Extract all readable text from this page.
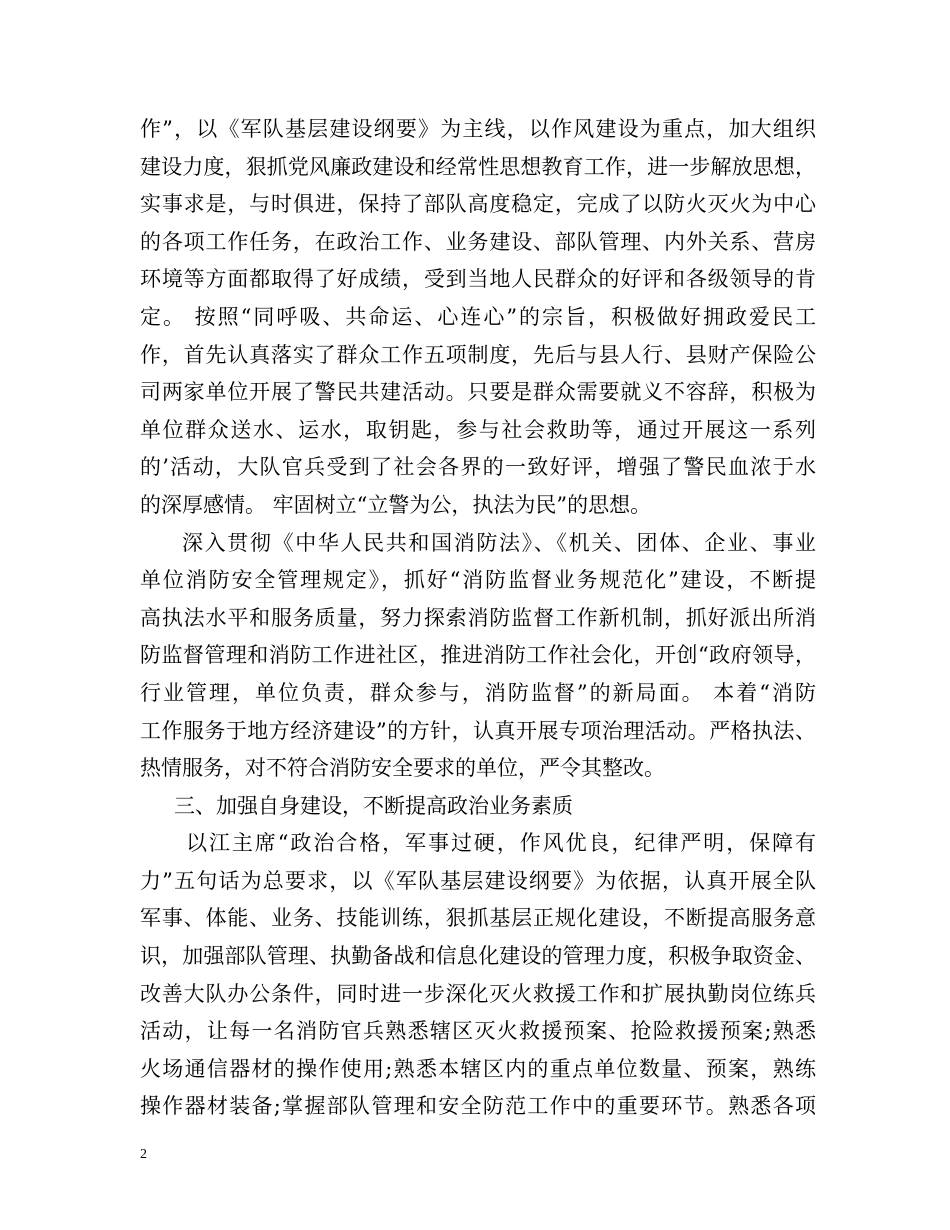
作”，以《军队基层建设纲要》为主线，以作风建设为重点，加大组织
建设力度，狠抓党风廉政建设和经常性思想教育工作，进一步解放思想，
实事求是，与时俱进，保持了部队高度稳定，完成了以防火灭火为中心
的各项工作任务，在政治工作、业务建设、部队管理、内外关系、营房
环境等方面都取得了好成绩，受到当地人民群众的好评和各级领导的肯
定。 按照“同呼吸、共命运、心连心”的宗旨，积极做好拥政爱民工
作，首先认真落实了群众工作五项制度，先后与县人行、县财产保险公
司两家单位开展了警民共建活动。只要是群众需要就义不容辞，积极为
单位群众送水、运水，取钥匙，参与社会救助等，通过开展这一系列
的’活动，大队官兵受到了社会各界的一致好评，增强了警民血浓于水
的深厚感情。 牢固树立“立警为公，执法为民”的思想。
深入贯彻《中华人民共和国消防法》、《机关、团体、企业、事业
单位消防安全管理规定》，抓好“消防监督业务规范化”建设，不断提
高执法水平和服务质量，努力探索消防监督工作新机制，抓好派出所消
防监督管理和消防工作进社区，推进消防工作社会化，开创“政府领导，
行业管理，单位负责，群众参与，消防监督”的新局面。 本着“消防
工作服务于地方经济建设”的方针，认真开展专项治理活动。严格执法、
热情服务，对不符合消防安全要求的单位，严令其整改。
三、加强自身建设，不断提高政治业务素质
以江主席“政治合格，军事过硬，作风优良，纪律严明，保障有
力”五句话为总要求，以《军队基层建设纲要》为依据，认真开展全队
军事、体能、业务、技能训练，狠抓基层正规化建设，不断提高服务意
识，加强部队管理、执勤备战和信息化建设的管理力度，积极争取资金、
改善大队办公条件，同时进一步深化灭火救援工作和扩展执勤岗位练兵
活动，让每一名消防官兵熟悉辖区灭火救援预案、抢险救援预案;熟悉
火场通信器材的操作使用;熟悉本辖区内的重点单位数量、预案，熟练
操作器材装备;掌握部队管理和安全防范工作中的重要环节。熟悉各项
2
